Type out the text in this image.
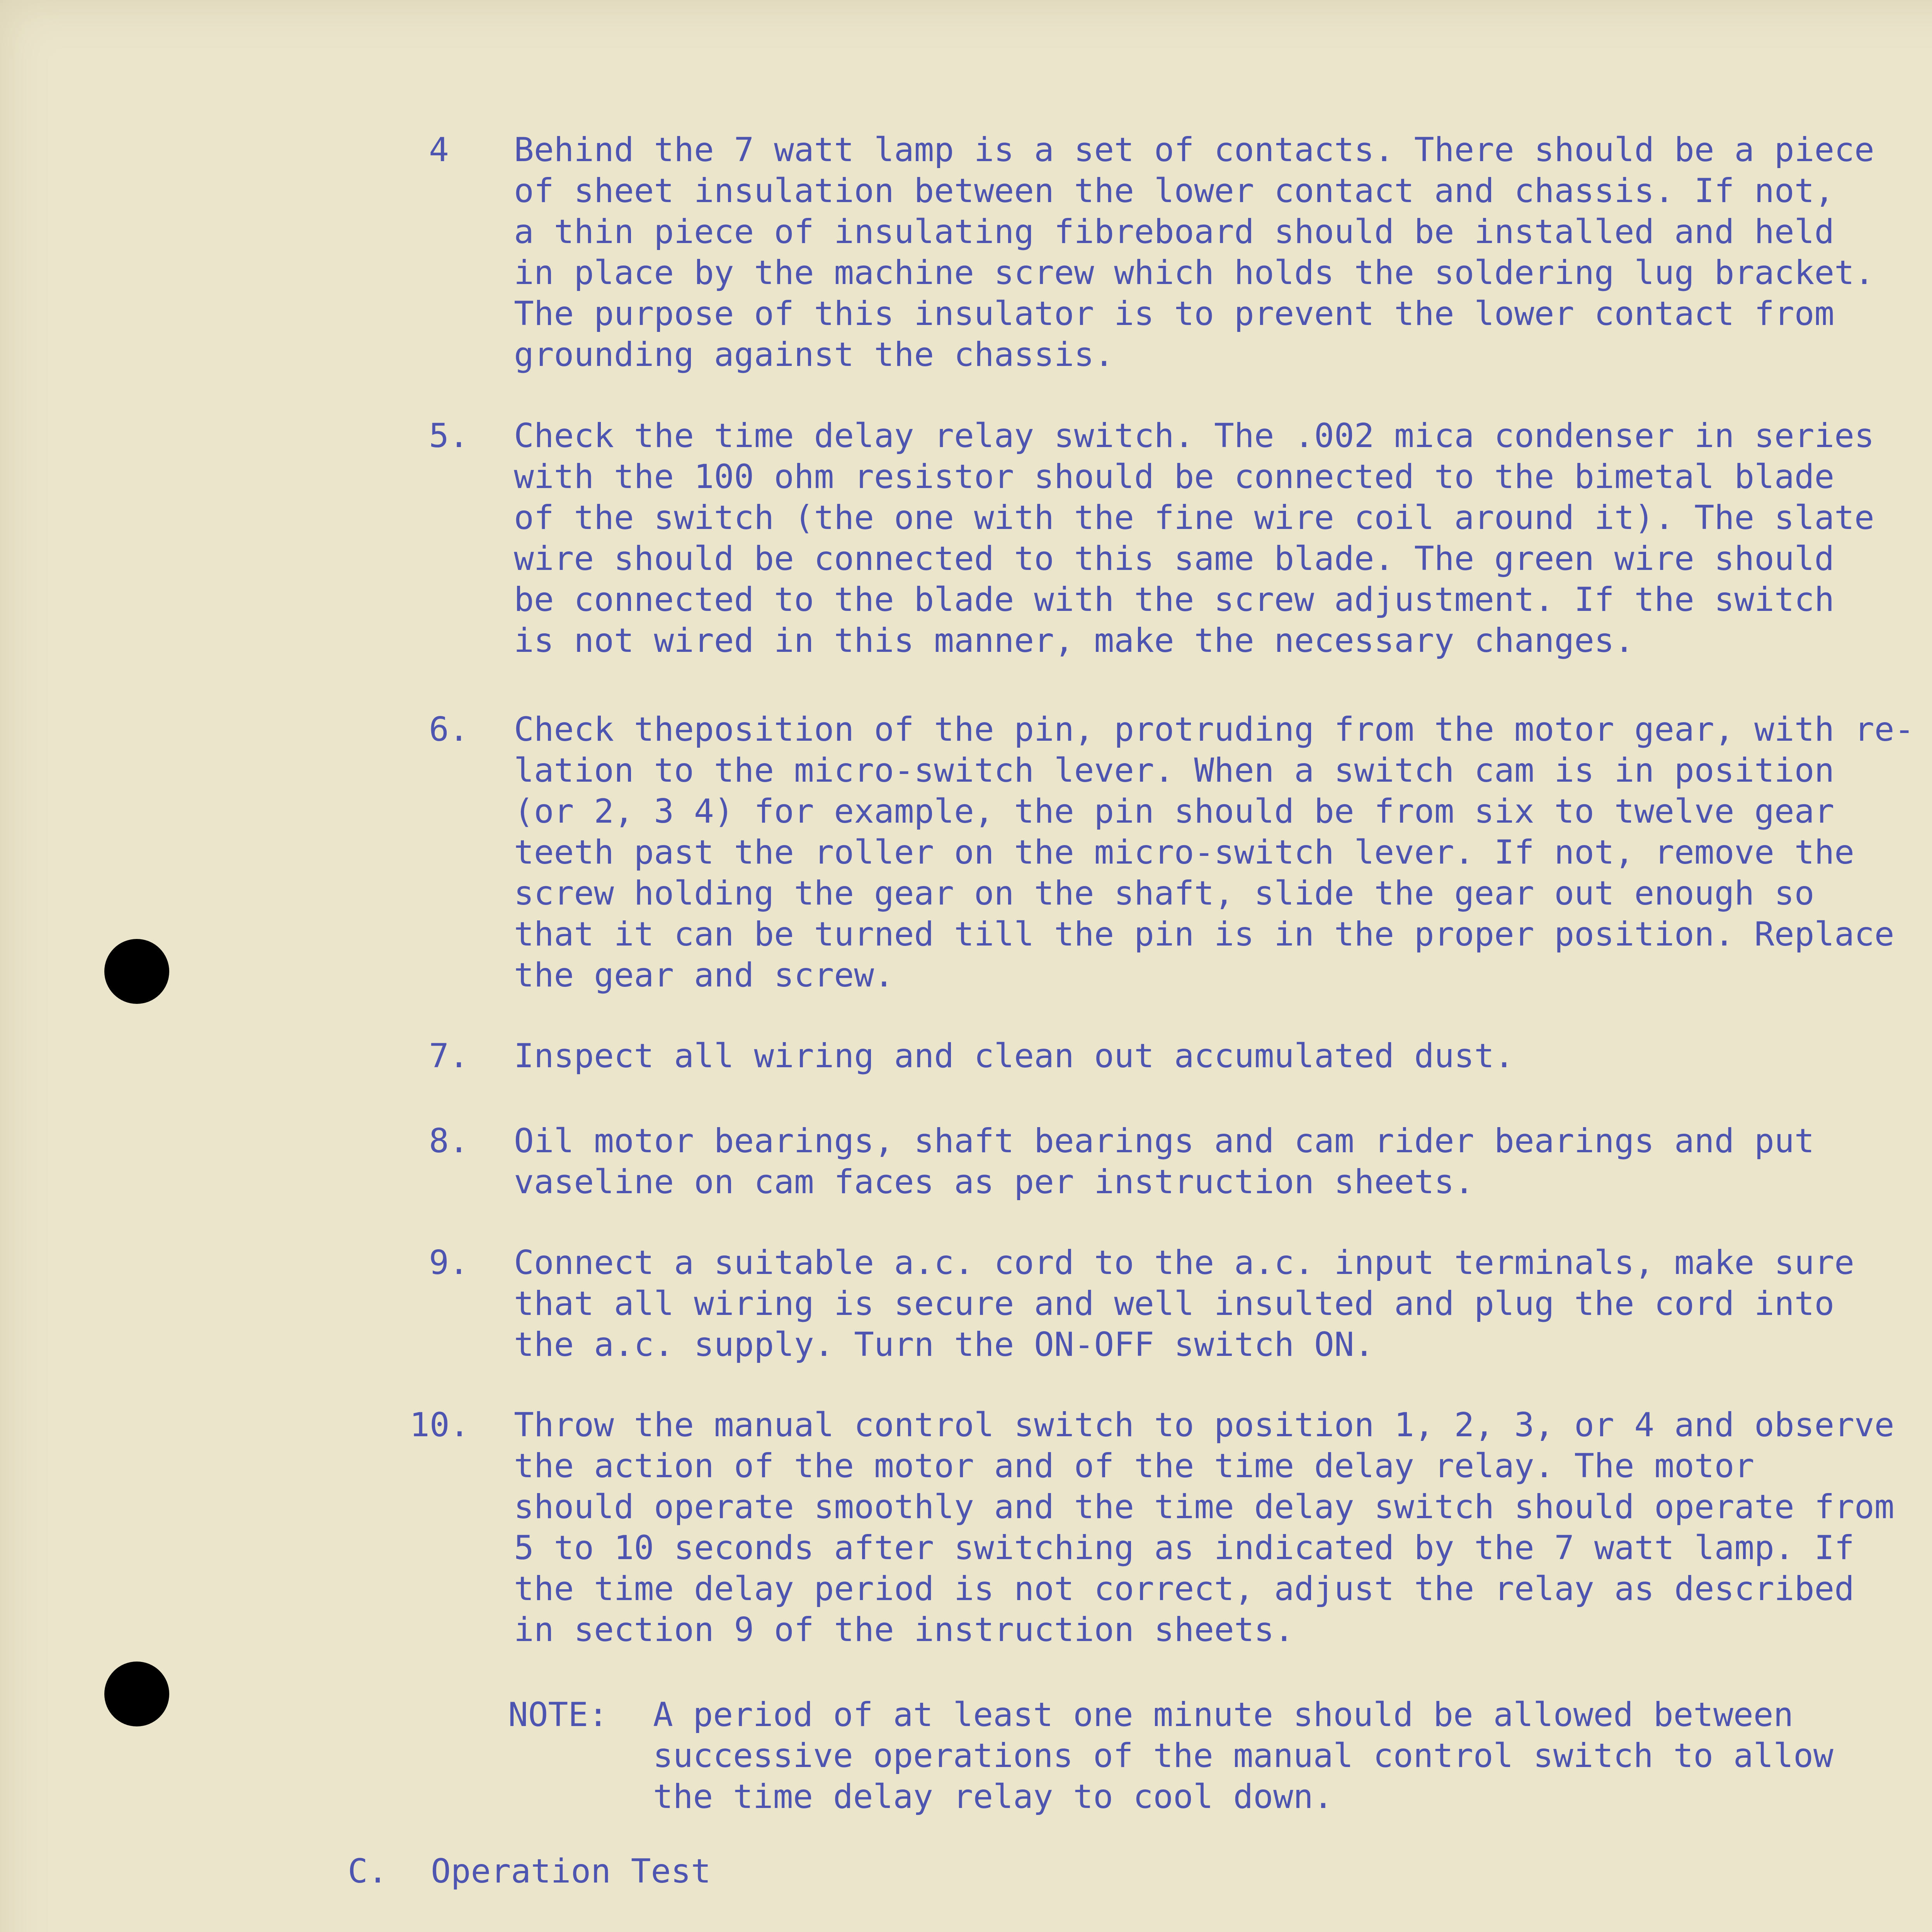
4 Behind the 7 watt lamp is a set of contacts. There should be a piece

of sheet insulation between the lower contact and chassis. If not,

a thin piece of insulating fibreboard should be installed and held

in place by the machine screw which holds the soldering lug bracket.

The purpose of this insulator is to prevent the lower contact from

grounding against the chassis.

5. Check the time delay relay switch. The .002 mica condenser in series

with the 100 ohm resistor should be connected to the bimetal blade

of the switch (the one with the fine wire coil around it). The slate

wire should be connected to this same blade. The green wire should

be connected to the blade with the screw adjustment. If the switch

is not wired in this manner, make the necessary changes.

6. Check theposition of the pin, protruding from the motor gear, with re-

lation to the micro-switch lever. When a switch cam is in position

(or 2, 3 4) for example, the pin should be from six to twelve gear

teeth past the roller on the micro-switch lever. If not, remove the

screw holding the gear on the shaft, slide the gear out enough so

that it can be turned till the pin is in the proper position. Replace

the gear and screw.

7. Inspect all wiring and clean out accumulated dust.

8. Oil motor bearings, shaft bearings and cam rider bearings and put

vaseline on cam faces as per instruction sheets.

9. Connect a suitable a.c. cord to the a.c. input terminals, make sure

that all wiring is secure and well insulted and plug the cord into

the a.c. supply. Turn the ON-OFF switch ON.

10. Throw the manual control switch to position 1, 2, 3, or 4 and observe

the action of the motor and of the time delay relay. The motor

should operate smoothly and the time delay switch should operate from

5 to 10 seconds after switching as indicated by the 7 watt lamp. If

the time delay period is not correct, adjust the relay as described

in section 9 of the instruction sheets.

NOTE: A period of at least one minute should be allowed between

successive operations of the manual control switch to allow

the time delay relay to cool down.

C. Operation Test
